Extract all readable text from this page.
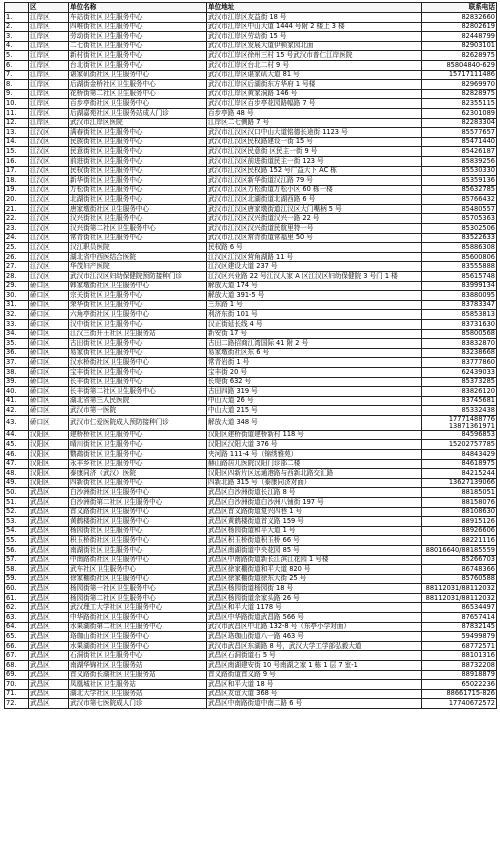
	区	单位名称	单位地址	联系电话
1.	江岸区	车站街社区卫生服务中心	武汉市江岸区友益街 18 号	82832660
2.	江岸区	四唯街社区卫生服务中心	武汉市江岸区中山大道 1444 号附 2 楼上 3 楼	82802619
3.	江岸区	劳动街社区卫生服务中心	武汉市江岸区劳动街 15 号	82448799
4.	江岸区	二七街社区卫生服务中心	武汉市江岸区发展大道伊顿家园北面	82903101
5.	江岸区	新村街社区卫生服务中心	武汉市江岸区徐州三村 15 号武汉市普仁江岸医院	82628975
6.	江岸区	台北街社区卫生服务中心	武汉市江岸区台北二村 9 号	85804840-629
7.	江岸区	谌家矶街社区卫生服务中心	武汉市江岸区谌家矶大道 81 号	15717111486
8.	江岸区	后湖街金桥社区卫生服务中心	武汉市江岸区后湖街东方华府 1 号楼	82969970
9.	江岸区	花桥街第二社区卫生服务中心	武汉市江岸区黄家洞路 146 号	82828975
10.	江岸区	百步亭街社区卫生服务中心	武汉市江岸区百步亭花园路幅路 7 号	82355115
11.	江岸区	后湖嘉苑社区卫生服务站成人门诊	百步亭路 48 号	62301089
12.	江岸区	武汉市江岸区医院	江岸区二七侧路 7 号	82283304
13.	江汉区	满春街社区卫生服务中心	武汉市江汉区汉口中山大道铭德长途街 1123 号	85577657
14.	江汉区	民族街社区卫生服务中心	武汉市江汉区民权路建设一街 15 号	85471440
15.	江汉区	民意街社区卫生服务中心	武汉市江汉区民意街 区民主一街 9 号	85426187
16.	江汉区	前进街社区卫生服务中心	武汉市江汉区前进街道民主一街 123 号	85839256
17.	江汉区	民权街社区卫生服务中心	武汉市江汉区民权路 152 号广益大下 AC 栋	85530330
18.	江汉区	新华街社区卫生服务中心	武汉市江汉区新华街道汉江路 79 号	85359136
19.	江汉区	万松街社区卫生服务中心	武汉市江汉区万松街道万松小区 60 栋一楼	85632785
20.	江汉区	北湖街社区卫生服务中心	武汉市江汉区北湖街道北湖西路 6 号	85766432
21.	江汉区	唐家墩街社区卫生服务中心	武汉市江汉区唐家墩街道江汉区大门嘴柄 5 号	85480557
22.	江汉区	汉兴街社区卫生服务中心	武汉市江汉区汉兴街道汉兴一路 22 号	85705363
23.	江汉区	汉兴街第二社区卫生服务中心	武汉市江汉区汉兴街道民航里特一号	85302506
24.	江汉区	常青街社区卫生服务中心	武汉市江汉区常青街道常福里 50 号	83522633
25.	江汉区	汉江职员医院	民权路 6 号	85886308
26.	江汉区	湖北省中西医结合医院	江汉区江汉区营角湖路 11 号	85600806
27.	江汉区	华茂妇产医院	江汉区建设大道 237 号	83555888
28.	江汉区	武汉市江汉区妇幼保健院预防接种门诊	江汉区兴业路 22 号江汉人家 A 区江汉区妇幼保健院 3 号门 1 楼	85615748
29.	硚口区	韩家墩街社区卫生服务中心	解放大道 174 号	83999134
30.	硚口区	宗关街社区卫生服务中心	解放大道 391-5 号	83880095
31.	硚口区	荣华街社区卫生服务中心	三东路 1 号	83783347
32.	硚口区	六角亭街社区卫生服务中心	利济东街 101 号	85853813
33.	硚口区	汉中街社区卫生服务中心	汉正街延长线 4 号	83731630
34.	硚口区	江汉三街升王社区卫生服务站	新安街 17 号	85800568
35.	硚口区	古田街社区卫生服务中心	古田二路招商江湾国际 41 附 2 号	83832870
36.	硚口区	易家街社区卫生服务中心	易家墩街社区东 6 号	83238668
37.	硚口区	汉水桥街社区卫生服务中心	常青岩街 1 号	83777860
38.	硚口区	宝丰街社区卫生服务中心	宝丰街 20 号	62439033
39.	硚口区	长丰街社区卫生服务中心	长堤街 632 号	85373285
40.	硚口区	长丰街第二社区卫生服务中心	古田四路 319 号	83826120
41.	硚口区	湖北省第三人民医院	中山大道 26 号	83745681
42.	硚口区	武汉市第一医院	中山大道 215 号	85332438
43.	硚口区	武汉市仁爱医院成人预防接种门诊	解放大道 348 号	17771488776 13871361971
44.	汉阳区	建桥桥社区卫生服务中心	汉阳区建桥街道建桥新村 118 号	84596853
45.	汉阳区	晴川街社区卫生服务中心	汉阳区汉阳大道 376 号	15202757785
46.	汉阳区	鹦鹉街社区卫生服务中心	夹河路 111-4 号（锦绣雅苑）	84843429
47.	汉阳区	永丰乡社区卫生服务中心	赫山路居儿医院汉阳门诊部二楼	84618975
48.	汉阳区	泰康同济（武汉）医院	汉阳区四新片区远通港路与西新北路交汇路	84215244
49.	汉阳区	四新街社区卫生服务中心	四新北路 315 号（泰康同济对面）	13627139066
50.	武昌区	白沙洲街社区卫生服务中心	武昌区白沙洲街道长江路 8 号	88185051
51.	武昌区	白沙洲街第二社区卫生服务中心	武昌区白沙洲街道白沙洲八铺街 197 号	88158076
52.	武昌区	首义路街社区卫生服务中心	武昌区首义路街道复兴四巷 1 号	88108630
53.	武昌区	黄鹤楼街社区卫生服务中心	武昌区黄鹤楼街道首义路 159 号	88915126
54.	武昌区	杨园街社区卫生服务中心	武昌区杨园街道和平大道 1 号	88926606
55.	武昌区	积玉桥街社区卫生服务中心	武昌区积玉桥街道积玉桥 66 号	88221116
56.	武昌区	南湖街社区卫生服务中心	武昌区南湖街道中央花园 85 号	88016640/88185559
57.	武昌区	中南路街社区卫生服务中心	武昌区中南路街道新长江滨江花园 1 号楼	85266703
58.	武昌区	武车社区卫生服务中心	武昌区徐家棚街道和平大道 820 号	86748366
59.	武昌区	徐家棚街社区卫生服务中心	武昌区徐家棚街道徐东大街 25 号	85760588
60.	武昌区	杨园街第一社区卫生服务中心	武昌区杨园街道杨园街 18 号	88112031/88112032
61.	武昌区	杨园街第二社区卫生服务中心	武昌区杨园街道余家头路 26 号	88112031/88112032
62.	武昌区	武汉理工大学社区卫生服务中心	武昌区和平大道 1178 号	86534497
63.	武昌区	中华路街社区卫生服务中心	武昌区中华路街道武昌路 566 号	87657414
64.	武昌区	水果湖街第二社区卫生服务中心	武汉市武昌区中北路 132-8 号（东亭小学对面）	87832145
65.	武昌区	珞珈山街社区卫生服务中心	武昌区珞珈山街道八一路 463 号	59499879
66.	武昌区	水果湖街社区卫生服务中心	武汉市武昌区东湖路 8 号，武汉大学工学部弘毅大道	68772571
67.	武昌区	石洞街社区卫生服务中心	武昌区石洞街道石 5 号	88101316
68.	武昌区	南湖华锦社区卫生服务站	武昌区南湖建安街 10 号南湖之家 1 栋 1 层 7 室-1	88732208
69.	武昌区	首义路街长湖社区卫生服务站	首义路街道首义路 9 号	88918879
70.	武昌区	凤凰城社区卫生服务站	武昌区和平大道 18 号	65022236
71.	武昌区	湖北大学社区卫生服务站	武昌区友谊大道 368 号	88661715-826
72.	武昌区	武汉市第七医院成人门诊	武昌区中南路街道中南二路 6 号	17740672572
